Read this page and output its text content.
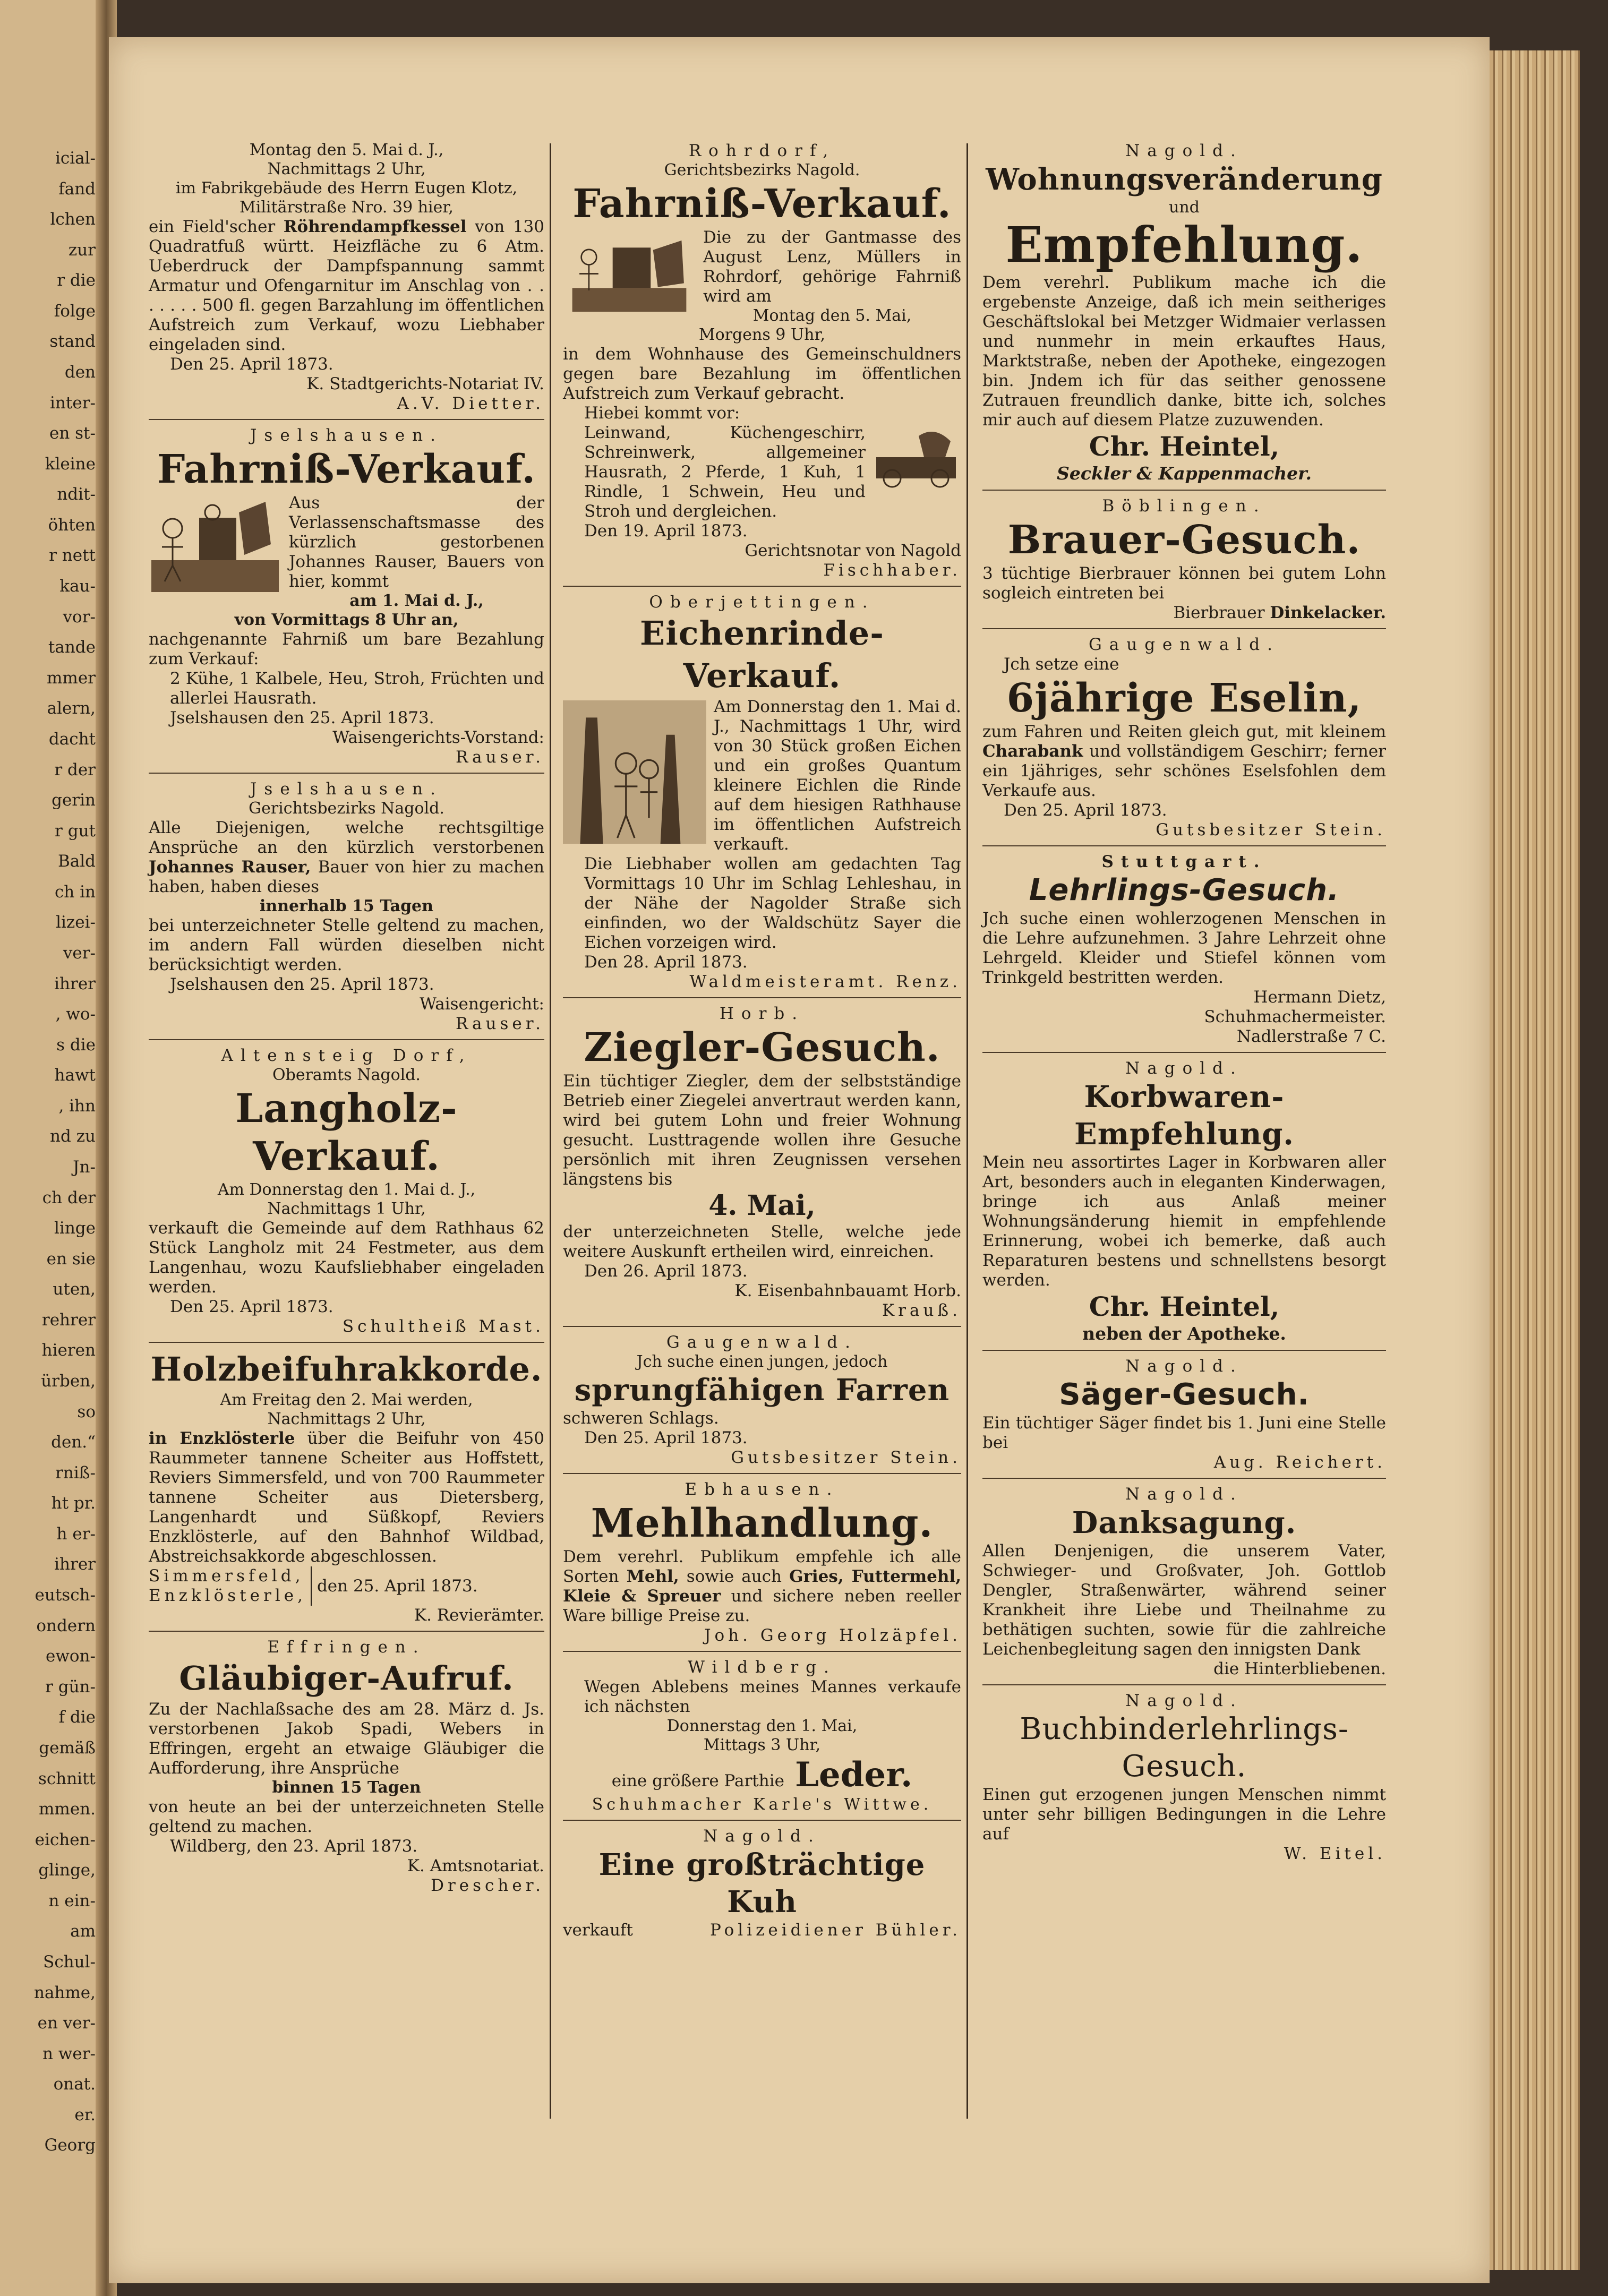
icial-
fand
lchen
zur
r die
folge
stand
den
inter-
en st-
kleine
ndit-
öhten
r nett
kau-
vor-
tande
mmer
alern,
dacht
r der
gerin
r gut
Bald
ch in
lizei-
ver-
ihrer
, wo-
s die
hawt
, ihn
nd zu
Jn-
ch der
linge
en sie
uten,
rehrer
hieren
ürben,
so
den.“
rniß-
ht pr.
h er-
ihrer
eutsch-
ondern
ewon-
r gün-
f die
gemäß
schnitt
mmen.
eichen-
glinge,
n ein-
am
Schul-
nahme,
en ver-
n wer-
onat.
er.
Georg
Montag den 5. Mai d. J.,
Nachmittags 2 Uhr,
im Fabrikgebäude des Herrn Eugen Klotz,
Militärstraße Nro. 39 hier,

ein Field'scher Röhrendampfkessel von 130 Quadratfuß württ. Heizfläche zu 6 Atm. Ueberdruck der Dampfspannung sammt Armatur und Ofengarnitur im Anschlag von . . . . . . . 500 fl. gegen Barzahlung im öffentlichen Aufstreich zum Verkauf, wozu Liebhaber eingeladen sind.

Den 25. April 1873.

K. Stadtgerichts-Notariat IV.
A.V. Dietter.
Jselshausen.
Fahrniß-Verkauf.

Aus der Verlassenschaftsmasse des kürzlich gestorbenen Johannes Rauser, Bauers von hier, kommt

am 1. Mai d. J.,
von Vormittags 8 Uhr an,

nachgenannte Fahrniß um bare Bezahlung zum Verkauf:

2 Kühe, 1 Kalbele, Heu, Stroh, Früchten und allerlei Hausrath.

Jselshausen den 25. April 1873.

Waisengerichts-Vorstand:
Rauser.
Jselshausen.
Gerichtsbezirks Nagold.

Alle Diejenigen, welche rechtsgiltige Ansprüche an den kürzlich verstorbenen Johannes Rauser, Bauer von hier zu machen haben, haben dieses

innerhalb 15 Tagen

bei unterzeichneter Stelle geltend zu machen, im andern Fall würden dieselben nicht berücksichtigt werden.

Jselshausen den 25. April 1873.

Waisengericht:
Rauser.
Altensteig Dorf,
Oberamts Nagold.
Langholz-Verkauf.
Am Donnerstag den 1. Mai d. J.,
Nachmittags 1 Uhr,

verkauft die Gemeinde auf dem Rathhaus 62 Stück Langholz mit 24 Festmeter, aus dem Langenhau, wozu Kaufsliebhaber eingeladen werden.

Den 25. April 1873.

Schultheiß Mast.
Holzbeifuhrakkorde.
Am Freitag den 2. Mai werden,
Nachmittags 2 Uhr,

in Enzklösterle über die Beifuhr von 450 Raummeter tannene Scheiter aus Hoffstett, Reviers Simmersfeld, und von 700 Raummeter tannene Scheiter aus Dietersberg, Langenhardt und Süßkopf, Reviers Enzklösterle, auf den Bahnhof Wildbad, Abstreichsakkorde abgeschlossen.

Simmersfeld,
Enzklösterle,
den 25. April 1873.
K. Revierämter.
Effringen.
Gläubiger-Aufruf.

Zu der Nachlaßsache des am 28. März d. Js. verstorbenen Jakob Spadi, Webers in Effringen, ergeht an etwaige Gläubiger die Aufforderung, ihre Ansprüche

binnen 15 Tagen

von heute an bei der unterzeichneten Stelle geltend zu machen.

Wildberg, den 23. April 1873.

K. Amtsnotariat.
Drescher.
Rohrdorf,
Gerichtsbezirks Nagold.
Fahrniß-Verkauf.

Die zu der Gantmasse des August Lenz, Müllers in Rohrdorf, gehörige Fahrniß wird am

Montag den 5. Mai,
Morgens 9 Uhr,

in dem Wohnhause des Gemeinschuldners gegen bare Bezahlung im öffentlichen Aufstreich zum Verkauf gebracht.

Hiebei kommt vor:

Leinwand, Küchengeschirr, Schreinwerk, allgemeiner Hausrath, 2 Pferde, 1 Kuh, 1 Rindle, 1 Schwein, Heu und Stroh und dergleichen.

Den 19. April 1873.

Gerichtsnotar von Nagold
Fischhaber.
Oberjettingen.
Eichenrinde-Verkauf.

Am Donnerstag den 1. Mai d. J., Nachmittags 1 Uhr, wird von 30 Stück großen Eichen und ein großes Quantum kleinere Eichlen die Rinde auf dem hiesigen Rathhause im öffentlichen Aufstreich verkauft.

Die Liebhaber wollen am gedachten Tag Vormittags 10 Uhr im Schlag Lehleshau, in der Nähe der Nagolder Straße sich einfinden, wo der Waldschütz Sayer die Eichen vorzeigen wird.

Den 28. April 1873.

Waldmeisteramt. Renz.
Horb.
Ziegler-Gesuch.

Ein tüchtiger Ziegler, dem der selbstständige Betrieb einer Ziegelei anvertraut werden kann, wird bei gutem Lohn und freier Wohnung gesucht. Lusttragende wollen ihre Gesuche persönlich mit ihren Zeugnissen versehen längstens bis

4. Mai,

der unterzeichneten Stelle, welche jede weitere Auskunft ertheilen wird, einreichen.

Den 26. April 1873.

K. Eisenbahnbauamt Horb.
Krauß.
Gaugenwald.
Jch suche einen jungen, jedoch
sprungfähigen Farren

schweren Schlags.

Den 25. April 1873.

Gutsbesitzer Stein.
Ebhausen.
Mehlhandlung.

Dem verehrl. Publikum empfehle ich alle Sorten Mehl, sowie auch Gries, Futtermehl, Kleie & Spreuer und sichere neben reeller Ware billige Preise zu.

Joh. Georg Holzäpfel.
Wildberg.

Wegen Ablebens meines Mannes verkaufe ich nächsten

Donnerstag den 1. Mai,
Mittags 3 Uhr,
eine größere Parthie Leder.
Schuhmacher Karle's Wittwe.
Nagold.
Eine großträchtige Kuh
verkauft	Polizeidiener Bühler.
Nagold.
Wohnungsveränderung
und
Empfehlung.

Dem verehrl. Publikum mache ich die ergebenste Anzeige, daß ich mein seitheriges Geschäftslokal bei Metzger Widmaier verlassen und nunmehr in mein erkauftes Haus, Marktstraße, neben der Apotheke, eingezogen bin. Jndem ich für das seither genossene Zutrauen freundlich danke, bitte ich, solches mir auch auf diesem Platze zuzuwenden.

Chr. Heintel,
Seckler & Kappenmacher.
Böblingen.
Brauer-Gesuch.

3 tüchtige Bierbrauer können bei gutem Lohn sogleich eintreten bei

Bierbrauer Dinkelacker.
Gaugenwald.
Jch setze eine
6jährige Eselin,

zum Fahren und Reiten gleich gut, mit kleinem Charabank und vollständigem Geschirr; ferner ein 1jähriges, sehr schönes Eselsfohlen dem Verkaufe aus.

Den 25. April 1873.

Gutsbesitzer Stein.
Stuttgart.
Lehrlings-Gesuch.

Jch suche einen wohlerzogenen Menschen in die Lehre aufzunehmen. 3 Jahre Lehrzeit ohne Lehrgeld. Kleider und Stiefel können vom Trinkgeld bestritten werden.

Hermann Dietz,
Schuhmachermeister.
Nadlerstraße 7 C.
Nagold.
Korbwaren-Empfehlung.

Mein neu assortirtes Lager in Korbwaren aller Art, besonders auch in eleganten Kinderwagen, bringe ich aus Anlaß meiner Wohnungsänderung hiemit in empfehlende Erinnerung, wobei ich bemerke, daß auch Reparaturen bestens und schnellstens besorgt werden.

Chr. Heintel,
neben der Apotheke.
Nagold.
Säger-Gesuch.

Ein tüchtiger Säger findet bis 1. Juni eine Stelle bei

Aug. Reichert.
Nagold.
Danksagung.

Allen Denjenigen, die unserem Vater, Schwieger- und Großvater, Joh. Gottlob Dengler, Straßenwärter, während seiner Krankheit ihre Liebe und Theilnahme zu bethätigen suchten, sowie für die zahlreiche Leichenbegleitung sagen den innigsten Dank

die Hinterbliebenen.
Nagold.
Buchbinderlehrlings-
Gesuch.

Einen gut erzogenen jungen Menschen nimmt unter sehr billigen Bedingungen in die Lehre auf

W. Eitel.
